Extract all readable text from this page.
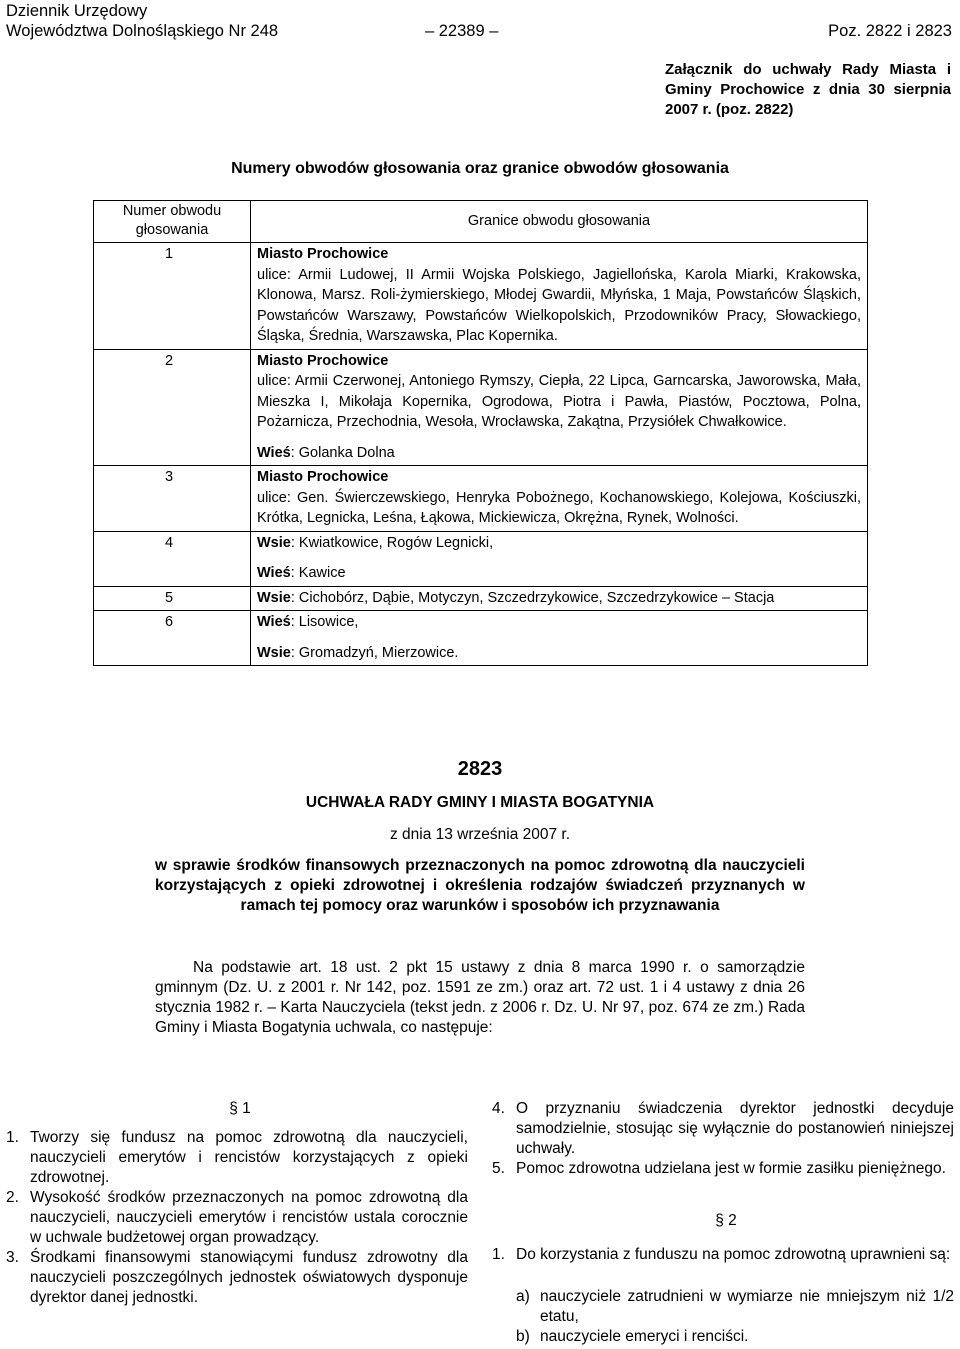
Dziennik Urzędowy
Województwa Dolnośląskiego Nr 248	– 22389 –	Poz. 2822 i 2823
Załącznik do uchwały Rady Miasta i Gminy Prochowice z dnia 30 sierpnia 2007 r. (poz. 2822)
Numery obwodów głosowania oraz granice obwodów głosowania
Numer obwodu głosowania	Granice obwodu głosowania
1	Miasto Prochowice
ulice: Armii Ludowej, II Armii Wojska Polskiego, Jagiellońska, Karola Miarki, Krakowska, Klonowa, Marsz. Roli-żymierskiego, Młodej Gwardii, Młyńska, 1 Maja, Powstańców Śląskich, Powstańców Warszawy, Powstańców Wielkopolskich, Przodowników Pracy, Słowackiego, Śląska, Średnia, Warszawska, Plac Kopernika.

2	Miasto Prochowice
ulice: Armii Czerwonej, Antoniego Rymszy, Ciepła, 22 Lipca, Garncarska, Jaworowska, Mała, Mieszka I, Mikołaja Kopernika, Ogrodowa, Piotra i Pawła, Piastów, Pocztowa, Polna, Pożarnicza, Przechodnia, Wesoła, Wrocławska, Zakątna, Przysiółek Chwałkowice.
Wieś: Golanka Dolna

3	Miasto Prochowice
ulice: Gen. Świerczewskiego, Henryka Pobożnego, Kochanowskiego, Kolejowa, Kościuszki, Krótka, Legnicka, Leśna, Łąkowa, Mickiewicza, Okrężna, Rynek, Wolności.

4	Wsie: Kwiatkowice, Rogów Legnicki,
Wieś: Kawice

5	Wsie: Cichobórz, Dąbie, Motyczyn, Szczedrzykowice, Szczedrzykowice – Stacja

6	Wieś: Lisowice,
Wsie: Gromadzyń, Mierzowice.
2823
UCHWAŁA RADY GMINY I MIASTA BOGATYNIA
z dnia 13 września 2007 r.
w sprawie środków finansowych przeznaczonych na pomoc zdrowotną dla nauczycieli korzystających z opieki zdrowotnej i określenia rodzajów świadczeń przyznanych w ramach tej pomocy oraz warunków i sposobów ich przyznawania
Na podstawie art. 18 ust. 2 pkt 15 ustawy z dnia 8 marca 1990 r. o samorządzie gminnym (Dz. U. z 2001 r. Nr 142, poz. 1591 ze zm.) oraz art. 72 ust. 1 i 4 ustawy z dnia 26 stycznia 1982 r. – Karta Nauczyciela (tekst jedn. z 2006 r. Dz. U. Nr 97, poz. 674 ze zm.) Rada Gminy i Miasta Bogatynia uchwala, co następuje:
§ 1
1. Tworzy się fundusz na pomoc zdrowotną dla nauczycieli, nauczycieli emerytów i rencistów korzystających z opieki zdrowotnej.
2. Wysokość środków przeznaczonych na pomoc zdrowotną dla nauczycieli, nauczycieli emerytów i rencistów ustala corocznie w uchwale budżetowej organ prowadzący.
3. Środkami finansowymi stanowiącymi fundusz zdrowotny dla nauczycieli poszczególnych jednostek oświatowych dysponuje dyrektor danej jednostki.
4. O przyznaniu świadczenia dyrektor jednostki decyduje samodzielnie, stosując się wyłącznie do postanowień niniejszej uchwały.
5. Pomoc zdrowotna udzielana jest w formie zasiłku pieniężnego.
§ 2
1. Do korzystania z funduszu na pomoc zdrowotną uprawnieni są:
a) nauczyciele zatrudnieni w wymiarze nie mniejszym niż 1/2 etatu,
b) nauczyciele emeryci i renciści.
